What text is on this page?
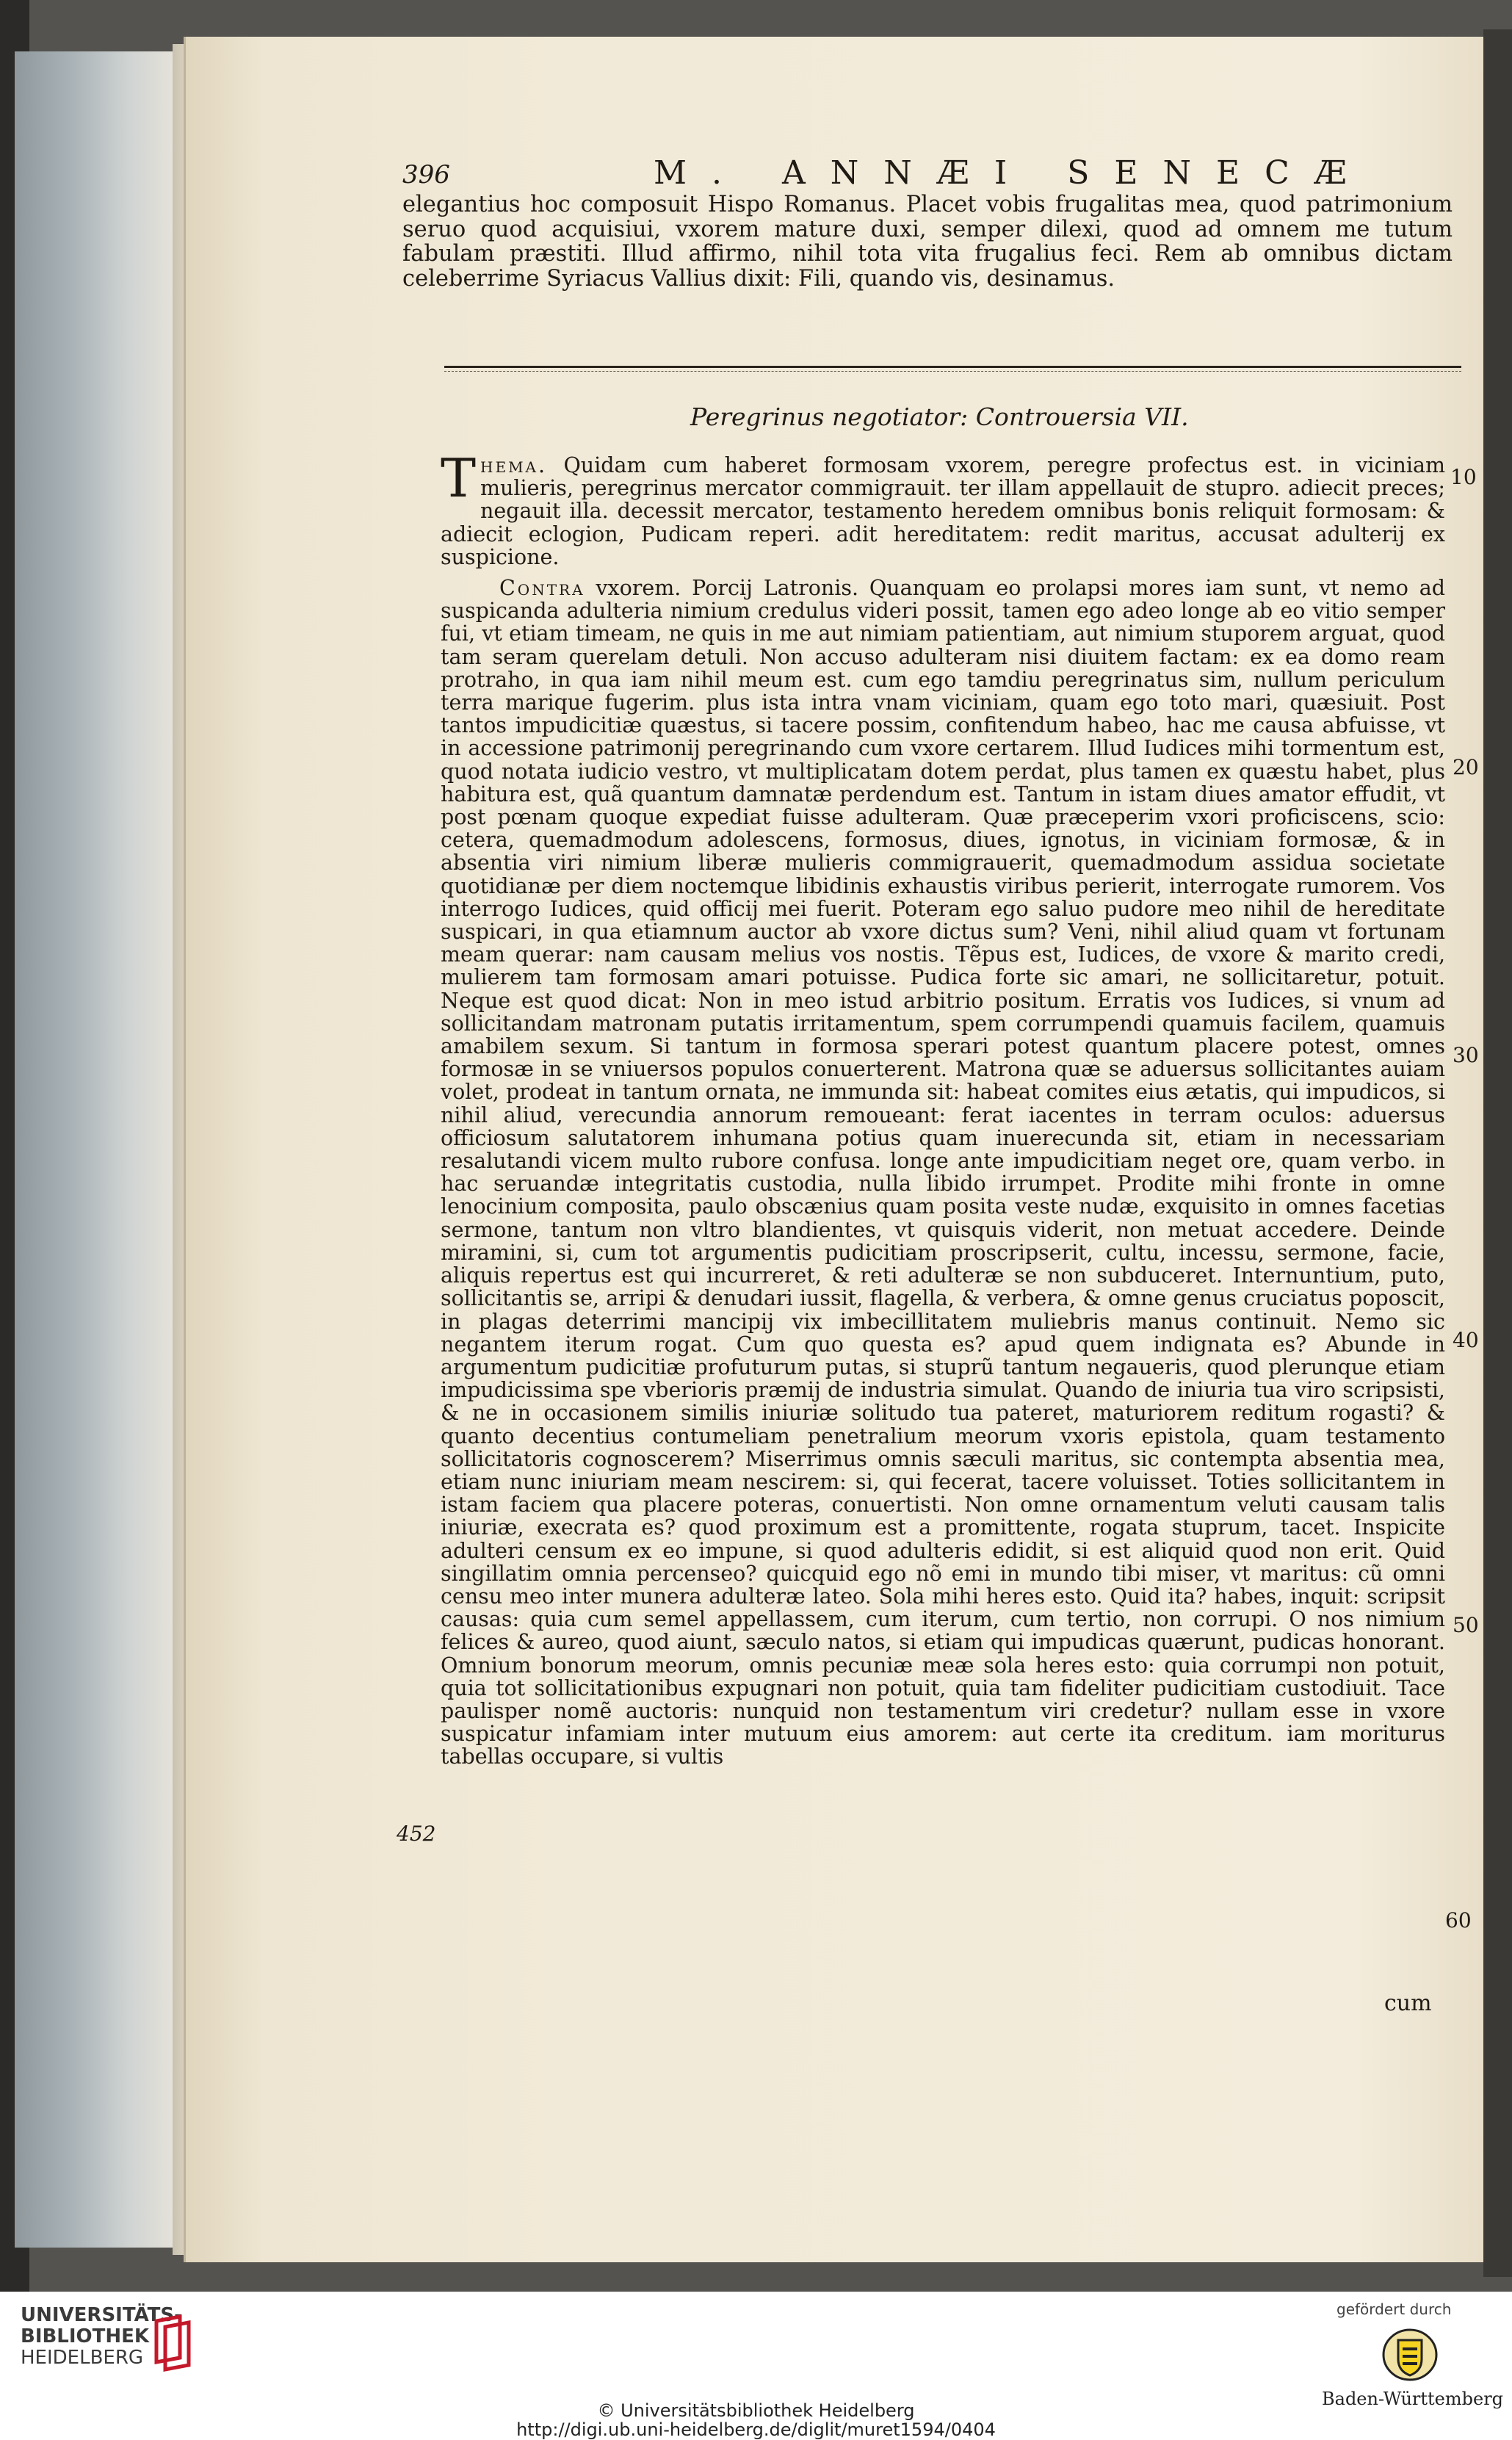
396	M. ANNÆI SENECÆ
elegantius hoc composuit Hispo Romanus. Placet vobis frugalitas mea, quod patrimonium seruo quod acquisiui, vxorem mature duxi, semper dilexi, quod ad omnem me tutum fabulam præstiti. Illud affirmo, nihil tota vita frugalius feci. Rem ab omnibus dictam celeberrime Syriacus Vallius dixit: Fili, quando vis, desinamus.
Peregrinus negotiator: Controuersia VII.
Thema. Quidam cum haberet formosam vxorem, peregre profectus est. in viciniam mulieris, peregrinus mercator commigrauit. ter illam appellauit de stupro. adiecit preces; negauit illa. decessit mercator, testamento heredem omnibus bonis reliquit formosam: & adiecit eclogion, Pudicam reperi. adit hereditatem: redit maritus, accusat adulterij ex suspicione.
Contra vxorem. Porcij Latronis. Quanquam eo prolapsi mores iam sunt, vt nemo ad suspicanda adulteria nimium credulus videri possit, tamen ego adeo longe ab eo vitio semper fui, vt etiam timeam, ne quis in me aut nimiam patientiam, aut nimium stuporem arguat, quod tam seram querelam detuli. Non accuso adulteram nisi diuitem factam: ex ea domo ream protraho, in qua iam nihil meum est. cum ego tamdiu peregrinatus sim, nullum periculum terra marique fugerim. plus ista intra vnam viciniam, quam ego toto mari, quæsiuit. Post tantos impudicitiæ quæstus, si tacere possim, confitendum habeo, hac me causa abfuisse, vt in accessione patrimonij peregrinando cum vxore certarem. Illud Iudices mihi tormentum est, quod notata iudicio vestro, vt multiplicatam dotem perdat, plus tamen ex quæstu habet, plus habitura est, quã quantum damnatæ perdendum est. Tantum in istam diues amator effudit, vt post pœnam quoque expediat fuisse adulteram. Quæ præceperim vxori proficiscens, scio: cetera, quemadmodum adolescens, formosus, diues, ignotus, in viciniam formosæ, & in absentia viri nimium liberæ mulieris commigrauerit, quemadmodum assidua societate quotidianæ per diem noctemque libidinis exhaustis viribus perierit, interrogate rumorem. Vos interrogo Iudices, quid officij mei fuerit. Poteram ego saluo pudore meo nihil de hereditate suspicari, in qua etiamnum auctor ab vxore dictus sum? Veni, nihil aliud quam vt fortunam meam querar: nam causam melius vos nostis. Tẽpus est, Iudices, de vxore & marito credi, mulierem tam formosam amari potuisse. Pudica forte sic amari, ne sollicitaretur, potuit. Neque est quod dicat: Non in meo istud arbitrio positum. Erratis vos Iudices, si vnum ad sollicitandam matronam putatis irritamentum, spem corrumpendi quamuis facilem, quamuis amabilem sexum. Si tantum in formosa sperari potest quantum placere potest, omnes formosæ in se vniuersos populos conuerterent. Matrona quæ se aduersus sollicitantes auiam volet, prodeat in tantum ornata, ne immunda sit: habeat comites eius ætatis, qui impudicos, si nihil aliud, verecundia annorum remoueant: ferat iacentes in terram oculos: aduersus officiosum salutatorem inhumana potius quam inuerecunda sit, etiam in necessariam resalutandi vicem multo rubore confusa. longe ante impudicitiam neget ore, quam verbo. in hac seruandæ integritatis custodia, nulla libido irrumpet. Prodite mihi fronte in omne lenocinium composita, paulo obscænius quam posita veste nudæ, exquisito in omnes facetias sermone, tantum non vltro blandientes, vt quisquis viderit, non metuat accedere. Deinde miramini, si, cum tot argumentis pudicitiam proscripserit, cultu, incessu, sermone, facie, aliquis repertus est qui incurreret, & reti adulteræ se non subduceret. Internuntium, puto, sollicitantis se, arripi & denudari iussit, flagella, & verbera, & omne genus cruciatus poposcit, in plagas deterrimi mancipij vix imbecillitatem muliebris manus continuit. Nemo sic negantem iterum rogat. Cum quo questa es? apud quem indignata es? Abunde in argumentum pudicitiæ profuturum putas, si stuprũ tantum negaueris, quod plerunque etiam impudicissima spe vberioris præmij de industria simulat. Quando de iniuria tua viro scripsisti, & ne in occasionem similis iniuriæ solitudo tua pateret, maturiorem reditum rogasti? & quanto decentius contumeliam penetralium meorum vxoris epistola, quam testamento sollicitatoris cognoscerem? Miserrimus omnis sæculi maritus, sic contempta absentia mea, etiam nunc iniuriam meam nescirem: si, qui fecerat, tacere voluisset. Toties sollicitantem in istam faciem qua placere poteras, conuertisti. Non omne ornamentum veluti causam talis iniuriæ, execrata es? quod proximum est a promittente, rogata stuprum, tacet. Inspicite adulteri censum ex eo impune, si quod adulteris edidit, si est aliquid quod non erit. Quid singillatim omnia percenseo? quicquid ego nõ emi in mundo tibi miser, vt maritus: cũ omni censu meo inter munera adulteræ lateo. Sola mihi heres esto. Quid ita? habes, inquit: scripsit causas: quia cum semel appellassem, cum iterum, cum tertio, non corrupi. O nos nimium felices & aureo, quod aiunt, sæculo natos, si etiam qui impudicas quærunt, pudicas honorant. Omnium bonorum meorum, omnis pecuniæ meæ sola heres esto: quia corrumpi non potuit, quia tot sollicitationibus expugnari non potuit, quia tam fideliter pudicitiam custodiuit. Tace paulisper nomẽ auctoris: nunquid non testamentum viri credetur? nullam esse in vxore suspicatur infamiam inter mutuum eius amorem: aut certe ita creditum. iam moriturus tabellas occupare, si vultis
10
20
30
40
50
60
452
cum
UNIVERSITÄTS-
BIBLIOTHEK
HEIDELBERG
© Universitätsbibliothek Heidelberg
http://digi.ub.uni-heidelberg.de/diglit/muret1594/0404
gefördert durch
Baden-Württemberg
